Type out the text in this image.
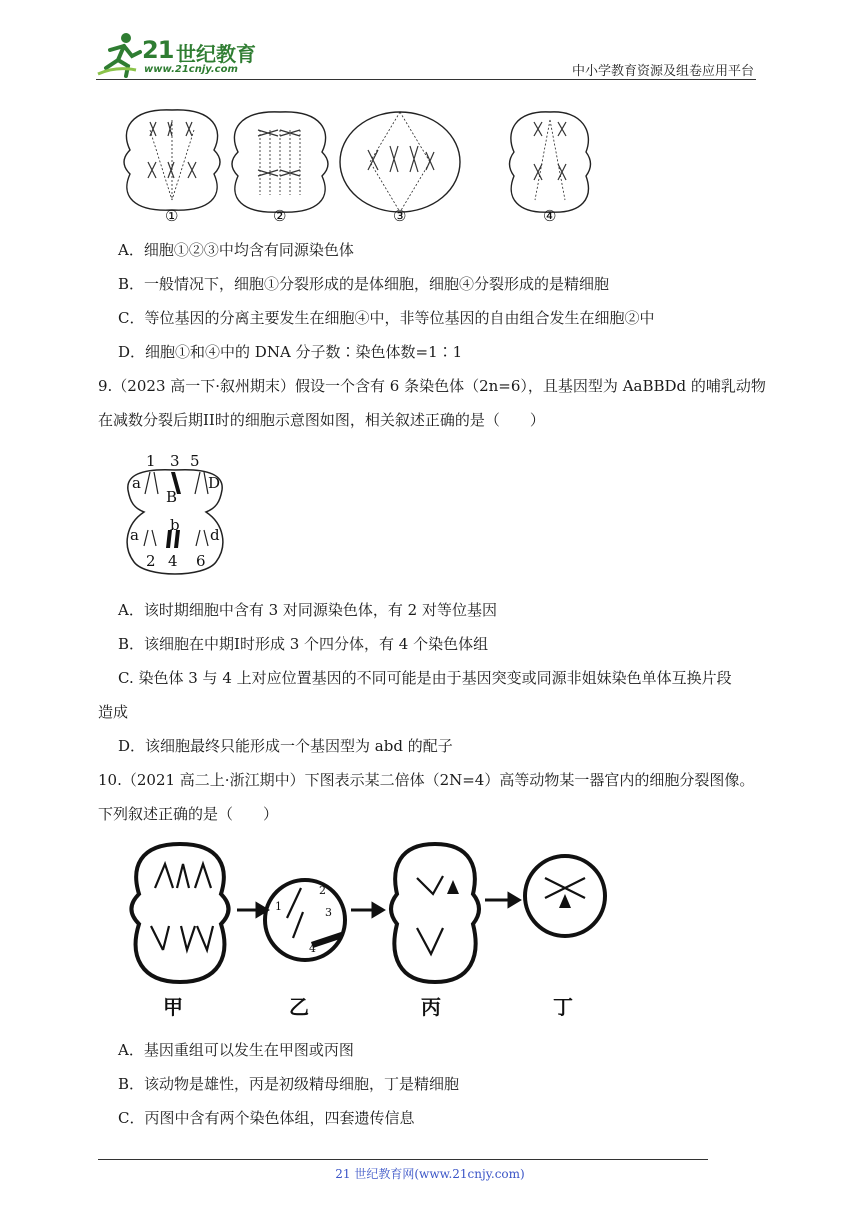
21 世纪教育
www.21cnjy.com	中小学教育资源及组卷应用平台
①	②	③	④
A．细胞①②③中均含有同源染色体
B．一般情况下，细胞①分裂形成的是体细胞，细胞④分裂形成的是精细胞
C．等位基因的分离主要发生在细胞④中，非等位基因的自由组合发生在细胞②中
D．细胞①和④中的 DNA 分子数∶染色体数=1∶1
9.（2023 高一下·叙州期末）假设一个含有 6 条染色体（2n=6），且基因型为 AaBBDd 的哺乳动物
在减数分裂后期II时的细胞示意图如图，相关叙述正确的是（　　）
1 3 5
a
B
D
b
a	d
2 4 6
A．该时期细胞中含有 3 对同源染色体，有 2 对等位基因
B．该细胞在中期I时形成 3 个四分体，有 4 个染色体组
C. 染色体 3 与 4 上对应位置基因的不同可能是由于基因突变或同源非姐妹染色单体互换片段
造成
D．该细胞最终只能形成一个基因型为 abd 的配子
10.（2021 高二上·浙江期中）下图表示某二倍体（2N=4）高等动物某一器官内的细胞分裂图像。
下列叙述正确的是（　　）
1
2
3
4
甲	乙	丙	丁
A．基因重组可以发生在甲图或丙图
B．该动物是雄性，丙是初级精母细胞，丁是精细胞
C．丙图中含有两个染色体组，四套遗传信息
21 世纪教育网(www.21cnjy.com)
